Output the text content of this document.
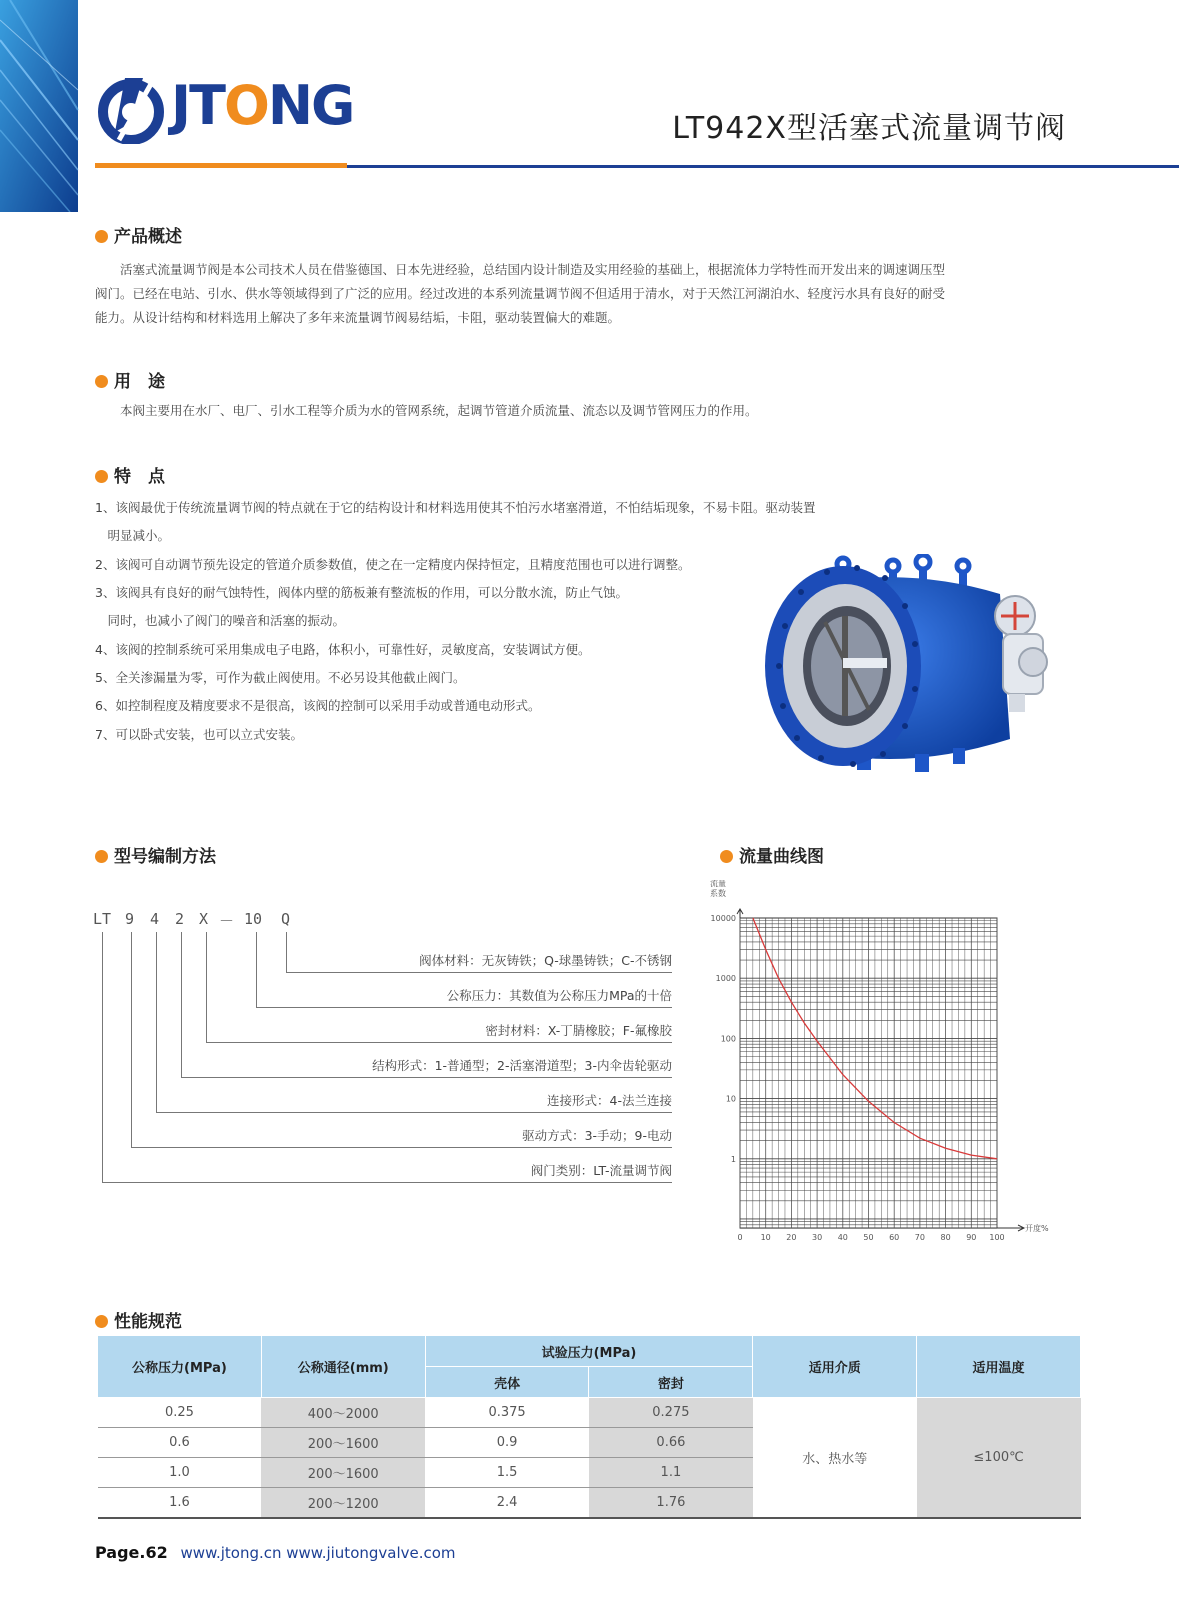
JTONG	LT942X型活塞式流量调节阀
产品概述
活塞式流量调节阀是本公司技术人员在借鉴德国、日本先进经验，总结国内设计制造及实用经验的基础上，根据流体力学特性而开发出来的调速调压型
阀门。已经在电站、引水、供水等领域得到了广泛的应用。经过改进的本系列流量调节阀不但适用于清水，对于天然江河湖泊水、轻度污水具有良好的耐受
能力。从设计结构和材料选用上解决了多年来流量调节阀易结垢，卡阻，驱动装置偏大的难题。
用　途
本阀主要用在水厂、电厂、引水工程等介质为水的管网系统，起调节管道介质流量、流态以及调节管网压力的作用。
特　点
1、该阀最优于传统流量调节阀的特点就在于它的结构设计和材料选用使其不怕污水堵塞滑道，不怕结垢现象，不易卡阻。驱动装置
　明显减小。
2、该阀可自动调节预先设定的管道介质参数值，使之在一定精度内保持恒定，且精度范围也可以进行调整。
3、该阀具有良好的耐气蚀特性，阀体内壁的筋板兼有整流板的作用，可以分散水流，防止气蚀。
　同时，也减小了阀门的噪音和活塞的振动。
4、该阀的控制系统可采用集成电子电路，体积小，可靠性好，灵敏度高，安装调试方便。
5、全关渗漏量为零，可作为截止阀使用。不必另设其他截止阀门。
6、如控制程度及精度要求不是很高，该阀的控制可以采用手动或普通电动形式。
7、可以卧式安装，也可以立式安装。
型号编制方法
LT 9 4 2 X － 10 Q
阀体材料：无灰铸铁；Q-球墨铸铁；C-不锈钢
公称压力：其数值为公称压力MPa的十倍
密封材料：X-丁腈橡胶；F-氟橡胶
结构形式：1-普通型；2-活塞滑道型；3-内伞齿轮驱动
连接形式：4-法兰连接
驱动方式：3-手动；9-电动
阀门类别：LT-流量调节阀
流量曲线图
10000
1000
100
10
1
0 10 20 30 40 50 60 70 80 90 100
流量
系数
开度%
性能规范
公称压力(MPa)	公称通径(mm)	试验压力(MPa)		适用介质	适用温度
		壳体	密封		
0.25	400～2000	0.375	0.275	水、热水等	≤100℃
0.6	200～1600	0.9	0.66		
1.0	200～1600	1.5	1.1		
1.6	200～1200	2.4	1.76		
Page.62 www.jtong.cn www.jiutongvalve.com
